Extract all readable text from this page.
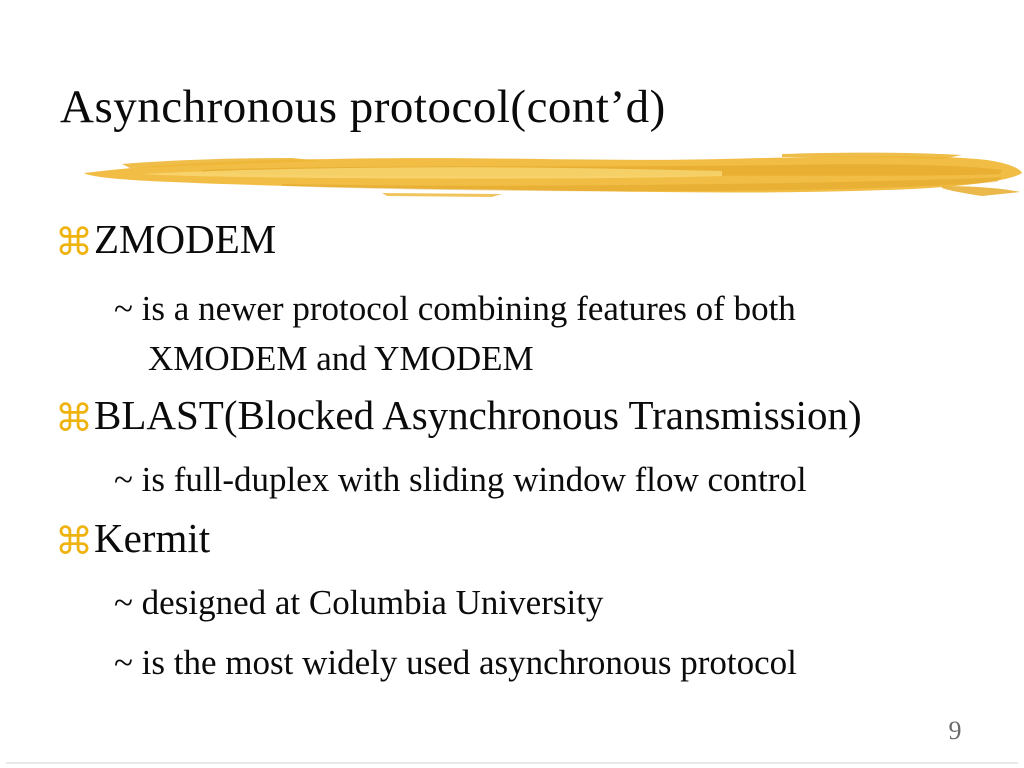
Asynchronous protocol(cont’d)
⌘ZMODEM
~ is a newer protocol combining features of both
XMODEM and YMODEM
⌘BLAST(Blocked Asynchronous Transmission)
~ is full-duplex with sliding window flow control
⌘Kermit
~ designed at Columbia University
~ is the most widely used asynchronous protocol
9
